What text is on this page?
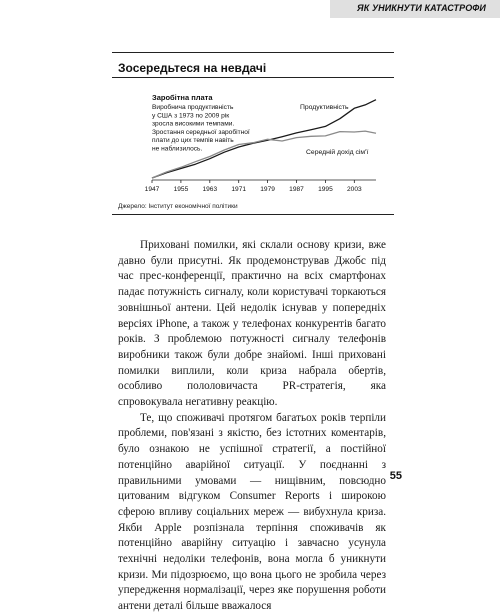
ЯК УНИКНУТИ КАТАСТРОФИ
Зосередьтеся на невдачі
Заробітна плата
Виробнича продуктивність
у США з 1973 по 2009 рік
зросла високими темпами.
Зростання середньої заробітної
плати до цих темпів навіть
не наблизилось.
Продуктивність
Середній дохід сім'ї
1947 1955 1963 1971 1979 1987 1995 2003
Джерело: Інститут економічної політики

Приховані помилки, які склали основу кризи, вже давно були присутні. Як продемонстрував Джобс під час прес-конференції, практично на всіх смартфонах падає потужність сигналу, коли користувачі торкаються зовнішньої антени. Цей недолік існував у попередніх версіях iPhone, а також у телефонах конкурентів багато років. З проблемою потужності сигналу телефонів виробники також були добре знайомі. Інші приховані помилки виплили, коли криза набрала обертів, особливо пололовичаста PR-стратегія, яка спровокувала негативну реакцію.

Те, що споживачі протягом багатьох років терпіли проблеми, пов'язані з якістю, без істотних коментарів, було ознакою не успішної стратегії, а постійної потенційно аварійної ситуації. У поєднанні з правильними умовами — нищівним, повсюдно цитованим відгуком Consumer Reports і широкою сферою впливу соціальних мереж — вибухнула криза. Якби Apple розпізнала терпіння споживачів як потенційно аварійну ситуацію і завчасно усунула технічні недоліки телефонів, вона могла б уникнути кризи. Ми підозрюємо, що вона цього не зробила через упередження нормалізації, через яке порушення роботи антени деталі більше вважалося

55
